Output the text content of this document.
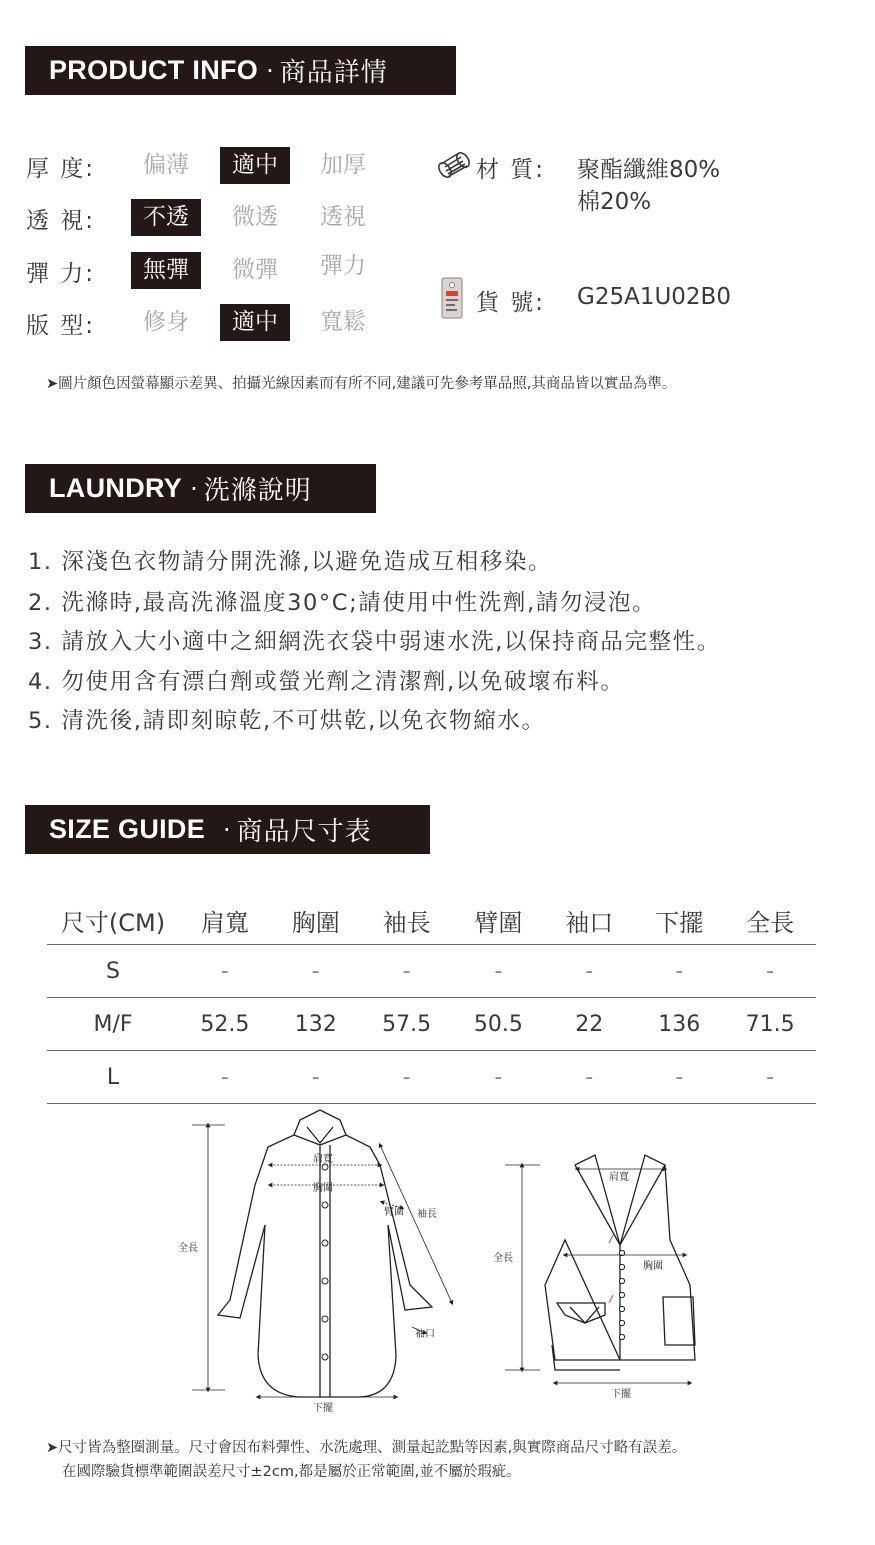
PRODUCT INFO · 商品詳情
厚 度:	偏薄	適中	加厚
透 視:	不透	微透	透視
彈 力:	無彈	微彈	彈力
版 型:	修身	適中	寬鬆
材 質: 聚酯纖維80%
棉20%
貨 號: G25A1U02B0
➤圖片顏色因螢幕顯示差異、拍攝光線因素而有所不同,建議可先參考單品照,其商品皆以實品為準。
LAUNDRY · 洗滌說明
1. 深淺色衣物請分開洗滌,以避免造成互相移染。
2. 洗滌時,最高洗滌溫度30°C;請使用中性洗劑,請勿浸泡。
3. 請放入大小適中之細網洗衣袋中弱速水洗,以保持商品完整性。
4. 勿使用含有漂白劑或螢光劑之清潔劑,以免破壞布料。
5. 清洗後,請即刻晾乾,不可烘乾,以免衣物縮水。
SIZE GUIDE · 商品尺寸表
尺寸(CM)	肩寬	胸圍	袖長	臂圍	袖口	下擺	全長
S	-	-	-	-	-	-	-
M/F	52.5	132	57.5	50.5	22	136	71.5
L	-	-	-	-	-	-	-
肩寬
胸圍
臂圍 袖長
全長
袖口
下擺
肩寬
胸圍
全長
下擺
➤尺寸皆為整圈測量。尺寸會因布料彈性、水洗處理、測量起訖點等因素,與實際商品尺寸略有誤差。
在國際驗貨標準範圍誤差尺寸±2cm,都是屬於正常範圍,並不屬於瑕疵。
